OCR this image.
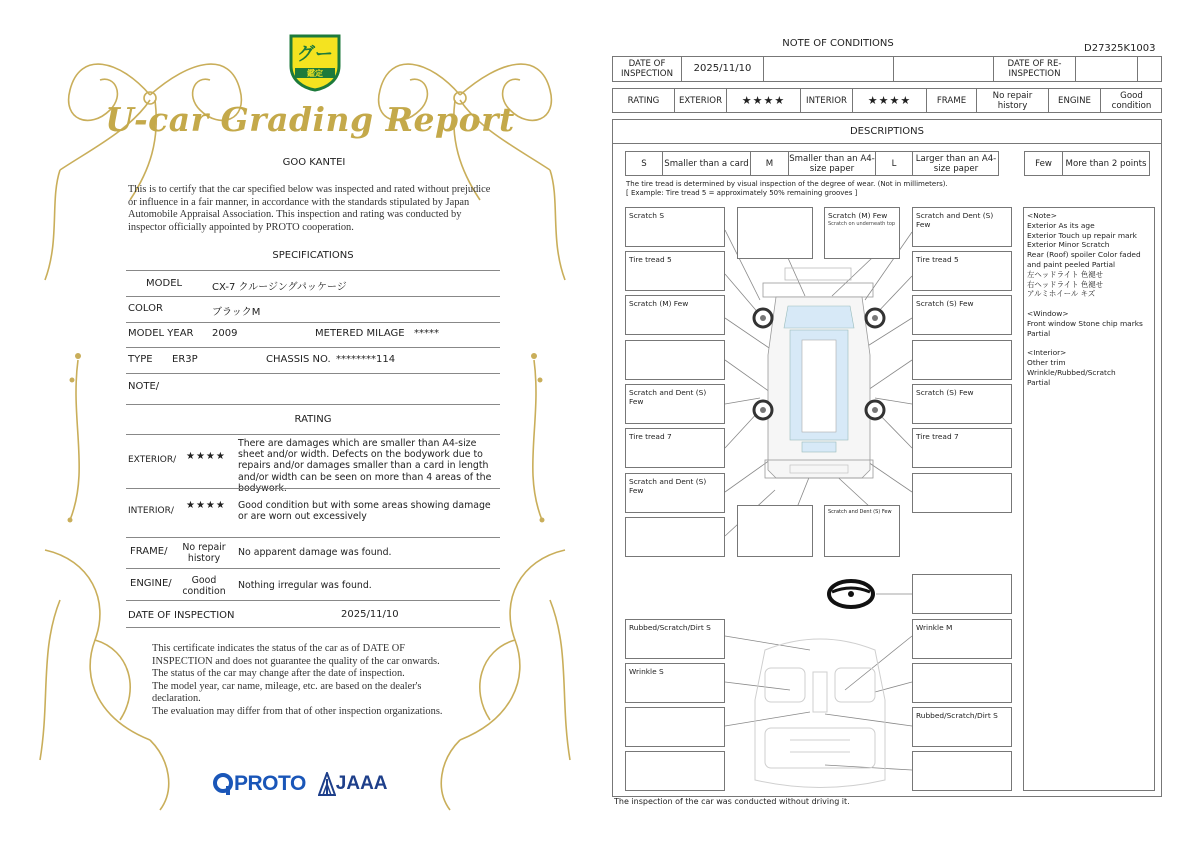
グー
鑑定
U-car Grading Report
GOO KANTEI
This is to certify that the car specified below was inspected and rated without prejudice or influence in a fair manner, in accordance with the standards stipulated by Japan Automobile Appraisal Association. This inspection and rating was conducted by inspector officially appointed by PROTO cooperation.
SPECIFICATIONS
MODEL	CX-7 クルージングパッケージ
COLOR	ブラックM
MODEL YEAR 2009	METERED MILAGE *****
TYPE ER3P	CHASSIS NO. ********114
NOTE/
RATING
EXTERIOR/ ★★★★
There are damages which are smaller than A4-size sheet and/or width. Defects on the bodywork due to repairs and/or damages smaller than a card in length and/or width can be seen on more than 4 areas of the bodywork.
INTERIOR/ ★★★★ Good condition but with some areas showing damage or are worn out excessively
FRAME/	No repair history
No apparent damage was found.
ENGINE/	Good condition
Nothing irregular was found.
DATE OF INSPECTION	2025/11/10
This certificate indicates the status of the car as of DATE OF
INSPECTION and does not guarantee the quality of the car onwards.
The status of the car may change after the date of inspection.
The model year, car name, mileage, etc. are based on the dealer's
declaration.
The evaluation may differ from that of other inspection organizations.
PROTO JAAA
NOTE OF CONDITIONS	D27325K1003
DATE OF INSPECTION	2025/11/10	DATE OF RE-INSPECTION
RATING	EXTERIOR	★★★★	INTERIOR	★★★★	FRAME	No repair history	ENGINE	Good condition
DESCRIPTIONS
S	Smaller than a card	M	Smaller than an A4-size paper	L	Larger than an A4-size paper	Few	More than 2 points
The tire tread is determined by visual inspection of the degree of wear. (Not in millimeters).
[ Example: Tire tread 5 = approximately 50% remaining grooves ]
Scratch S	Scratch (M) Few
Scratch on underneath top
Scratch and Dent (S) Few
Tire tread 5	Tire tread 5
Scratch (M) Few	Scratch (S) Few
Scratch and Dent (S) Few
Scratch (S) Few
Tire tread 7	Tire tread 7
Scratch and Dent (S) Few
Scratch and Dent (S) Few
Rubbed/Scratch/Dirt S	Wrinkle M
Wrinkle S
Rubbed/Scratch/Dirt S
<Note>
Exterior As its age
Exterior Touch up repair mark
Exterior Minor Scratch
Rear (Roof) spoiler Color faded
and paint peeled Partial
左ヘッドライト 色褪せ
右ヘッドライト 色褪せ
アルミホイール キズ
<Window>
Front window Stone chip marks
Partial
<Interior>
Other trim
Wrinkle/Rubbed/Scratch
Partial
The inspection of the car was conducted without driving it.
